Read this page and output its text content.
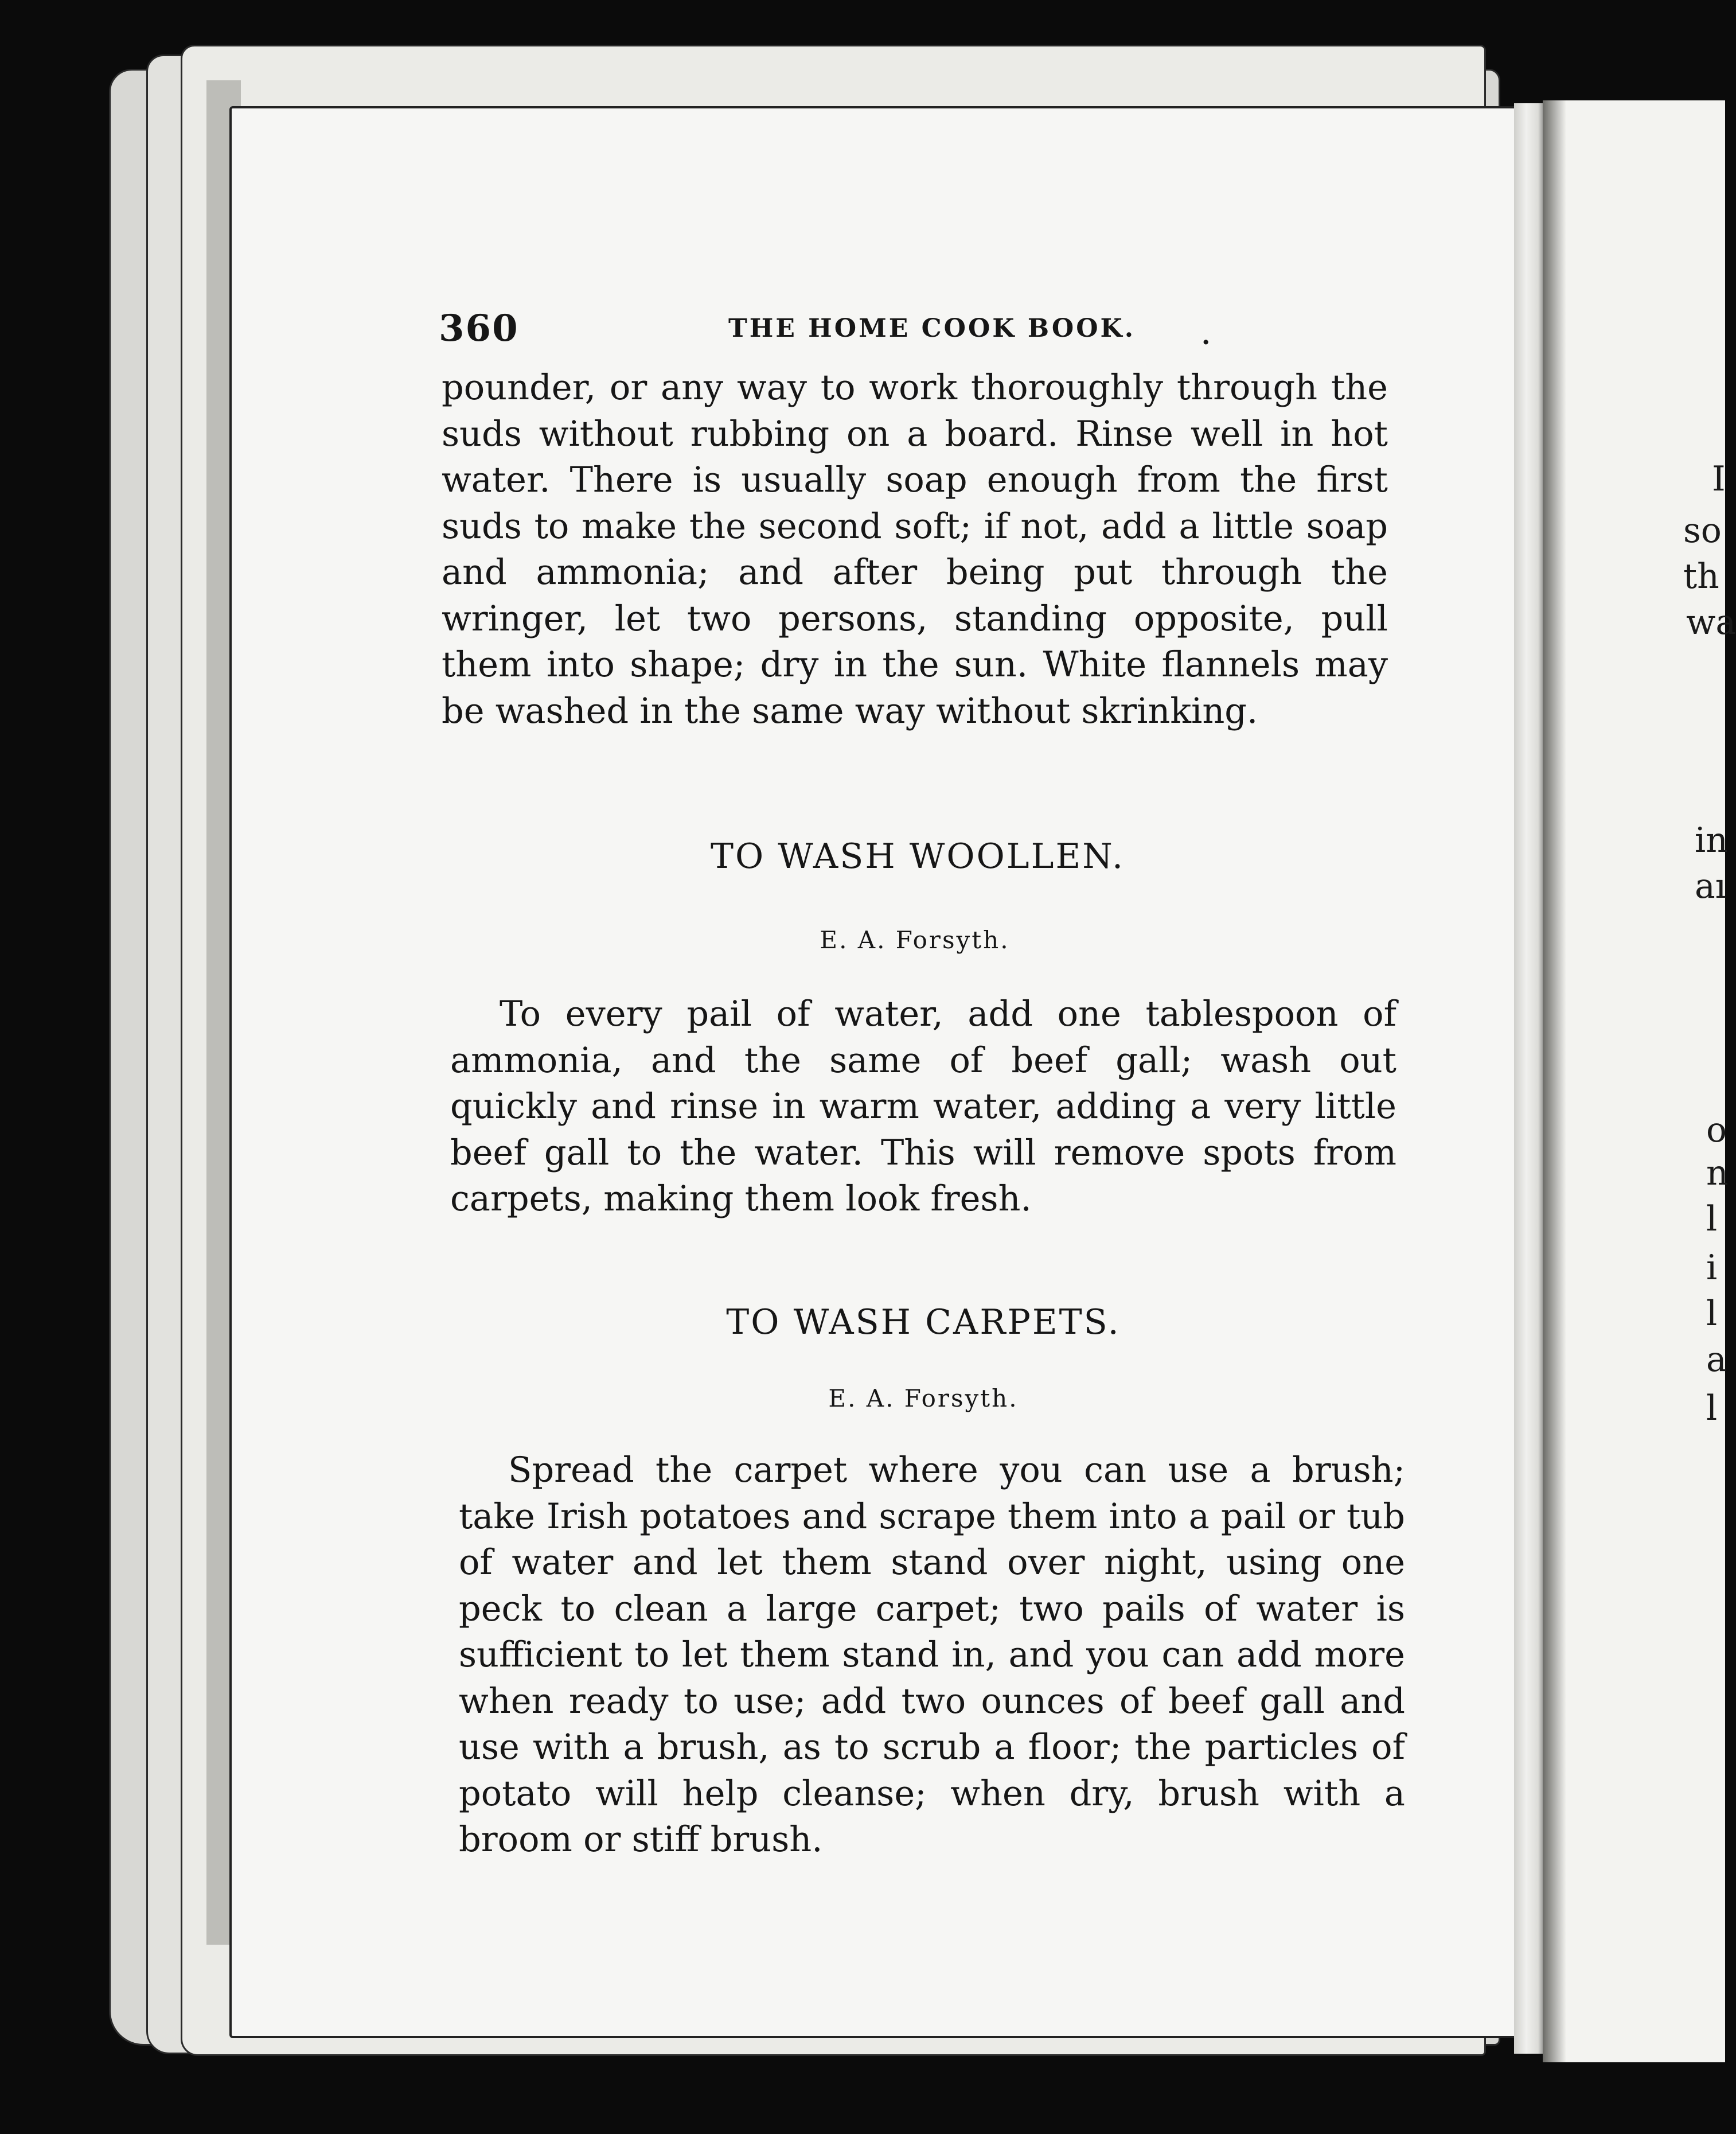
360	THE HOME COOK BOOK.	.

pounder, or any way to work thoroughly through the suds without rubbing on a board. Rinse well in hot water. There is usually soap enough from the first suds to make the second soft; if not, add a little soap and ammonia; and after being put through the wringer, let two persons, standing opposite, pull them into shape; dry in the sun. White flannels may be washed in the same way without skrinking.

TO WASH WOOLLEN.
E. A. Forsyth.

To every pail of water, add one tablespoon of ammonia, and the same of beef gall; wash out quickly and rinse in warm water, adding a very little beef gall to the water. This will remove spots from carpets, making them look fresh.

TO WASH CARPETS.
E. A. Forsyth.

Spread the carpet where you can use a brush; take Irish potatoes and scrape them into a pail or tub of water and let them stand over night, using one peck to clean a large carpet; two pails of water is sufficient to let them stand in, and you can add more when ready to use; add two ounces of beef gall and use with a brush, as to scrub a floor; the particles of potato will help cleanse; when dry, brush with a broom or stiff brush.

I
so
th
wa
in
aı
o
n
l
i
l
a
l
